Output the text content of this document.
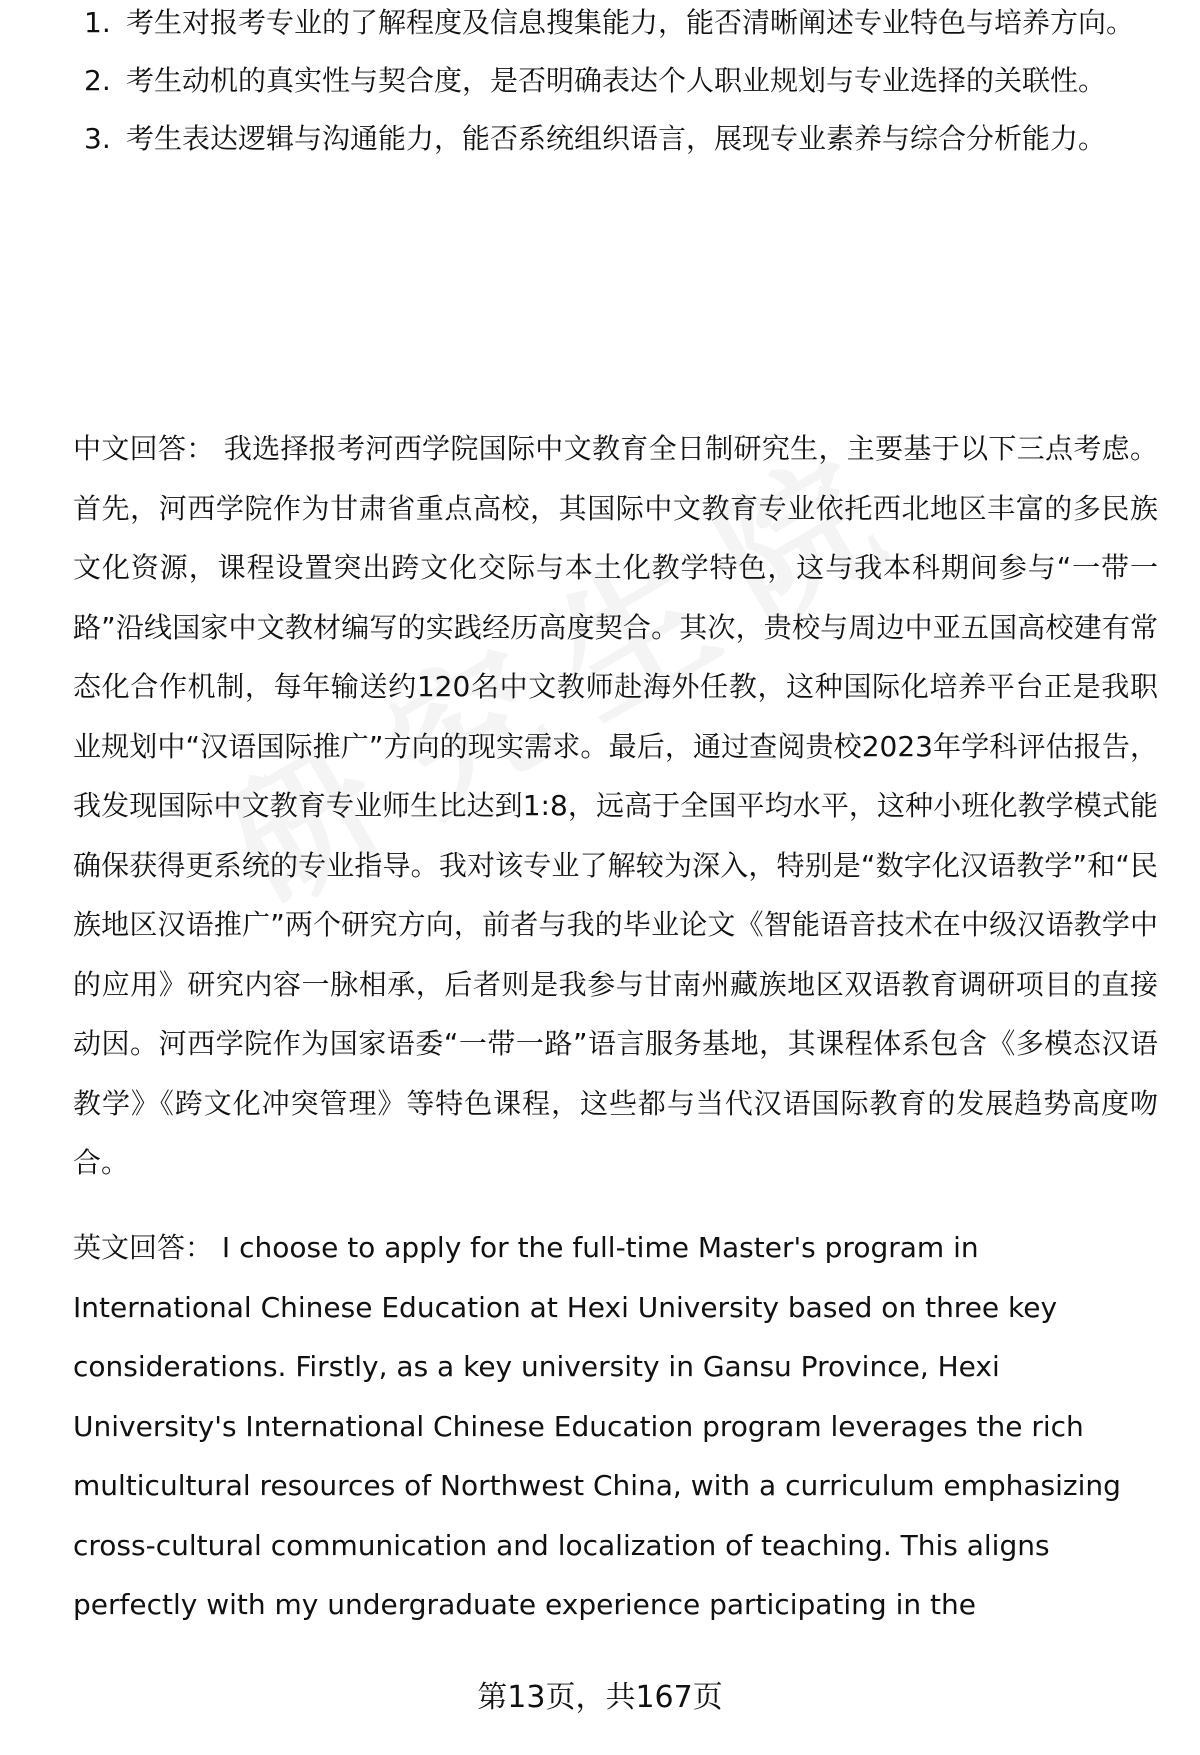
1. 考生对报考专业的了解程度及信息搜集能力，能否清晰阐述专业特色与培养方向。
2. 考生动机的真实性与契合度，是否明确表达个人职业规划与专业选择的关联性。
3. 考生表达逻辑与沟通能力，能否系统组织语言，展现专业素养与综合分析能力。

中文回答： 我选择报考河西学院国际中文教育全日制研究生，主要基于以下三点考虑。首先，河西学院作为甘肃省重点高校，其国际中文教育专业依托西北地区丰富的多民族文化资源，课程设置突出跨文化交际与本土化教学特色，这与我本科期间参与“一带一路”沿线国家中文教材编写的实践经历高度契合。其次，贵校与周边中亚五国高校建有常态化合作机制，每年输送约120名中文教师赴海外任教，这种国际化培养平台正是我职业规划中“汉语国际推广”方向的现实需求。最后，通过查阅贵校2023年学科评估报告，我发现国际中文教育专业师生比达到1:8，远高于全国平均水平，这种小班化教学模式能确保获得更系统的专业指导。我对该专业了解较为深入，特别是“数字化汉语教学”和“民族地区汉语推广”两个研究方向，前者与我的毕业论文《智能语音技术在中级汉语教学中的应用》研究内容一脉相承，后者则是我参与甘南州藏族地区双语教育调研项目的直接动因。河西学院作为国家语委“一带一路”语言服务基地，其课程体系包含《多模态汉语教学》《跨文化冲突管理》等特色课程，这些都与当代汉语国际教育的发展趋势高度吻合。

英文回答： I choose to apply for the full-time Master's program in International Chinese Education at Hexi University based on three key considerations. Firstly, as a key university in Gansu Province, Hexi University's International Chinese Education program leverages the rich multicultural resources of Northwest China, with a curriculum emphasizing cross-cultural communication and localization of teaching. This aligns perfectly with my undergraduate experience participating in the

第13页，共167页
